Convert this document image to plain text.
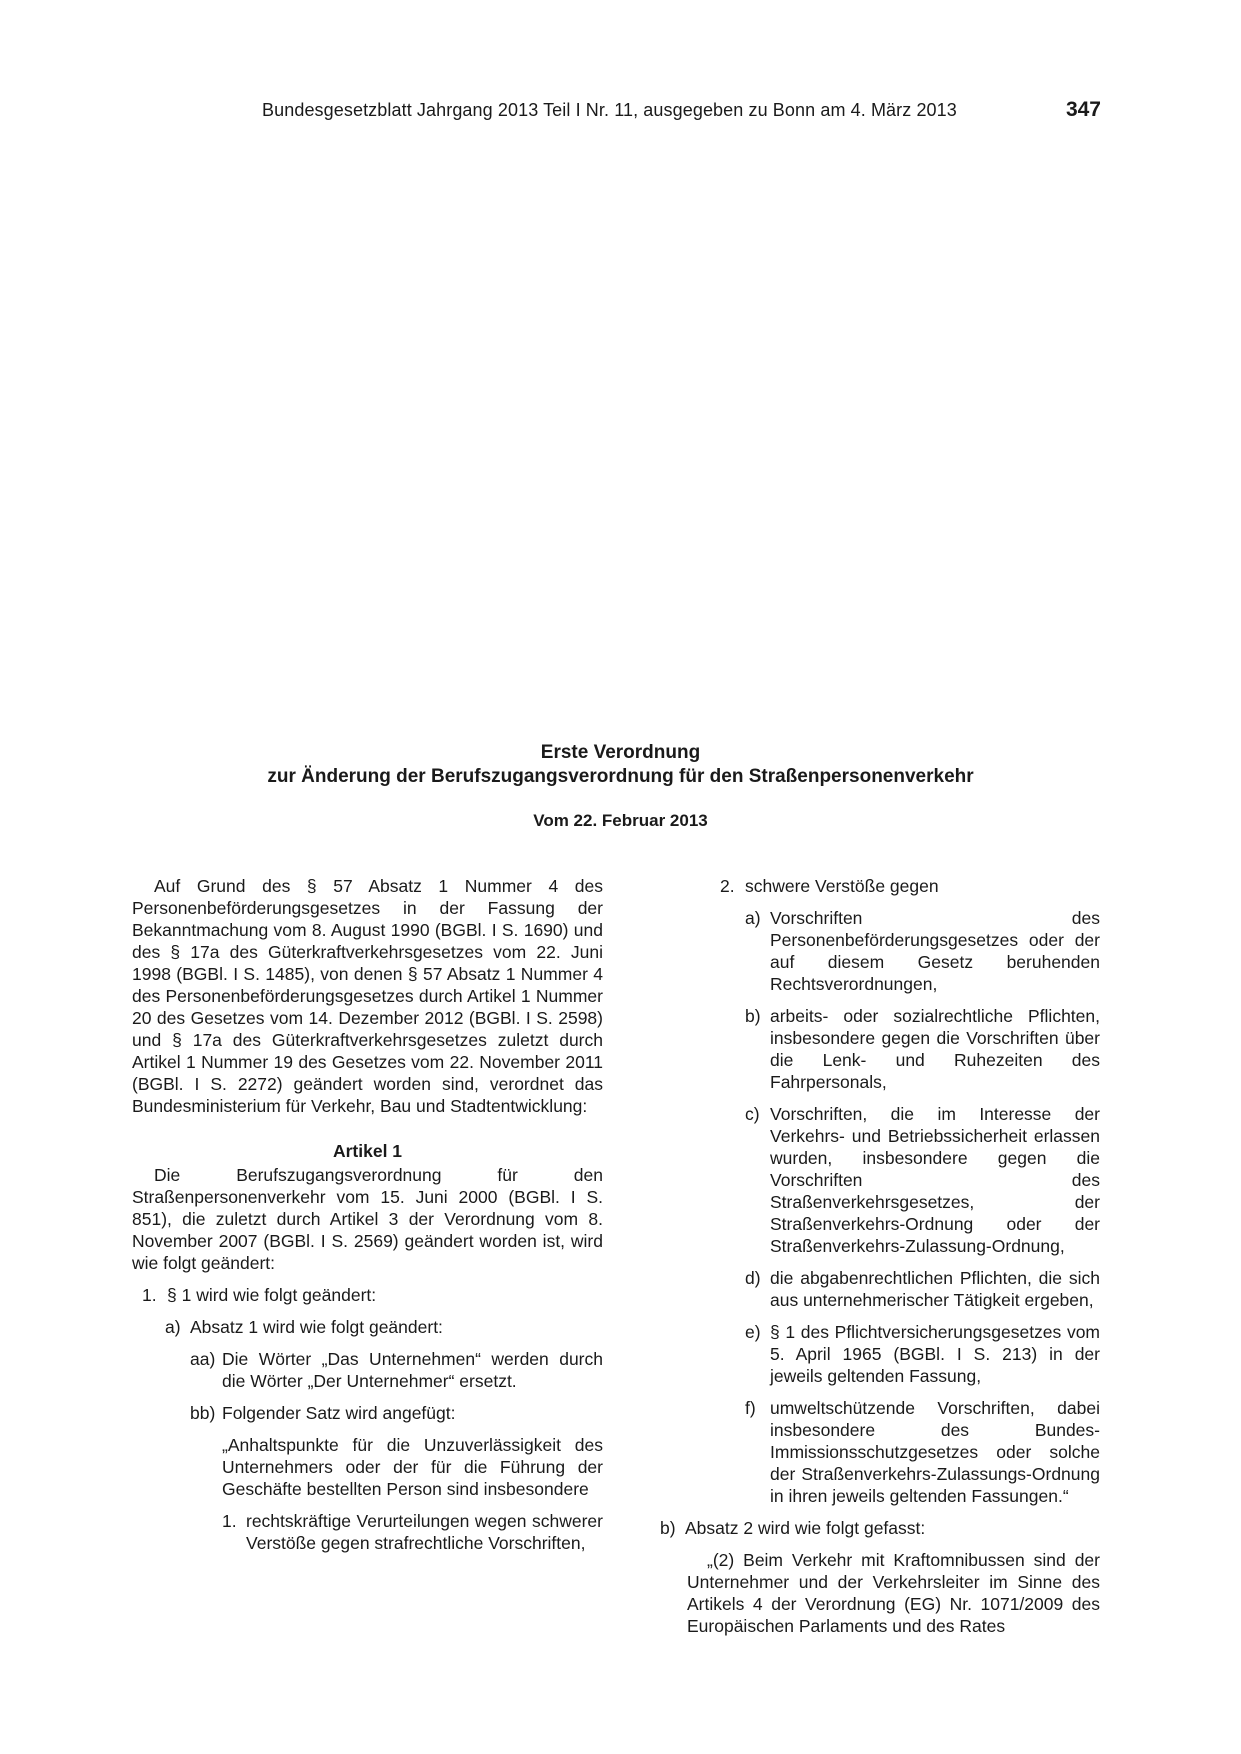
Bundesgesetzblatt Jahrgang 2013 Teil I Nr. 11, ausgegeben zu Bonn am 4. März 2013	347
Erste Verordnung
zur Änderung der Berufszugangsverordnung für den Straßenpersonenverkehr
Vom 22. Februar 2013

Auf Grund des § 57 Absatz 1 Nummer 4 des Personenbeförderungsgesetzes in der Fassung der Bekanntmachung vom 8. August 1990 (BGBl. I S. 1690) und des § 17a des Güterkraftverkehrsgesetzes vom 22. Juni 1998 (BGBl. I S. 1485), von denen § 57 Absatz 1 Nummer 4 des Personenbeförderungsgesetzes durch Artikel 1 Nummer 20 des Gesetzes vom 14. Dezember 2012 (BGBl. I S. 2598) und § 17a des Güterkraftverkehrsgesetzes zuletzt durch Artikel 1 Nummer 19 des Gesetzes vom 22. November 2011 (BGBl. I S. 2272) geändert worden sind, verordnet das Bundesministerium für Verkehr, Bau und Stadtentwicklung:

Artikel 1

Die Berufszugangsverordnung für den Straßenpersonenverkehr vom 15. Juni 2000 (BGBl. I S. 851), die zuletzt durch Artikel 3 der Verordnung vom 8. November 2007 (BGBl. I S. 2569) geändert worden ist, wird wie folgt geändert:

1. § 1 wird wie folgt geändert:
a) Absatz 1 wird wie folgt geändert:
aa) Die Wörter „Das Unternehmen“ werden durch die Wörter „Der Unternehmer“ ersetzt.
bb) Folgender Satz wird angefügt:

„Anhaltspunkte für die Unzuverlässigkeit des Unternehmers oder der für die Führung der Geschäfte bestellten Person sind insbesondere

1. rechtskräftige Verurteilungen wegen schwerer Verstöße gegen strafrechtliche Vorschriften,
2. schwere Verstöße gegen
a) Vorschriften des Personenbeförderungsgesetzes oder der auf diesem Gesetz beruhenden Rechtsverordnungen,
b) arbeits- oder sozialrechtliche Pflichten, insbesondere gegen die Vorschriften über die Lenk- und Ruhezeiten des Fahrpersonals,
c) Vorschriften, die im Interesse der Verkehrs- und Betriebssicherheit erlassen wurden, insbesondere gegen die Vorschriften des Straßenverkehrsgesetzes, der Straßenverkehrs-Ordnung oder der Straßenverkehrs-Zulassung-Ordnung,
d) die abgabenrechtlichen Pflichten, die sich aus unternehmerischer Tätigkeit ergeben,
e) § 1 des Pflichtversicherungsgesetzes vom 5. April 1965 (BGBl. I S. 213) in der jeweils geltenden Fassung,
f) umweltschützende Vorschriften, dabei insbesondere des Bundes-Immissionsschutzgesetzes oder solche der Straßenverkehrs-Zulassungs-Ordnung in ihren jeweils geltenden Fassungen.“
b) Absatz 2 wird wie folgt gefasst:

„(2) Beim Verkehr mit Kraftomnibussen sind der Unternehmer und der Verkehrsleiter im Sinne des Artikels 4 der Verordnung (EG) Nr. 1071/2009 des Europäischen Parlaments und des Rates
